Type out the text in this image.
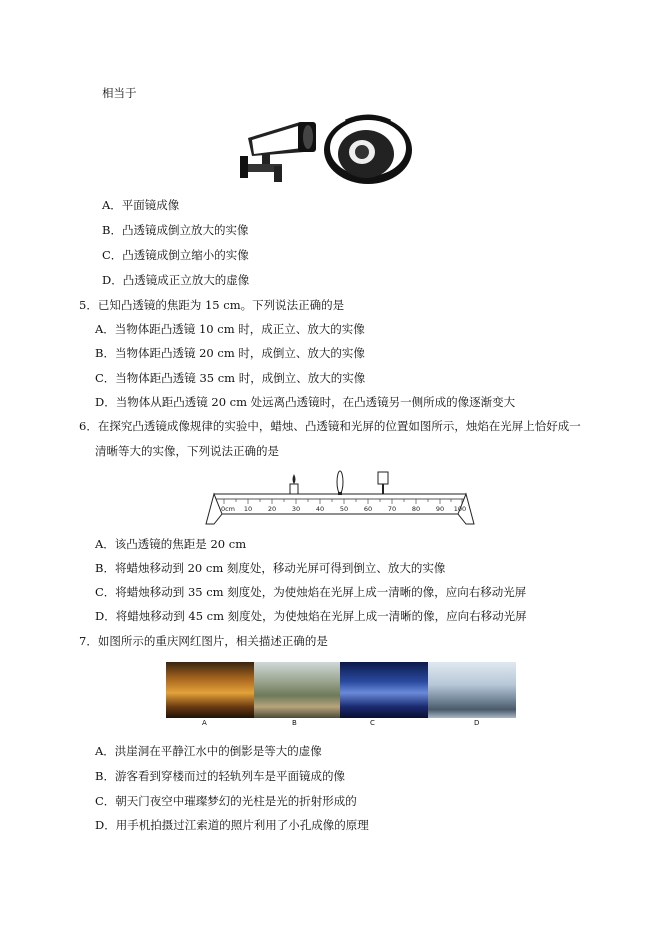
相当于
A．平面镜成像
B．凸透镜成倒立放大的实像
C．凸透镜成倒立缩小的实像
D．凸透镜成正立放大的虚像
5．已知凸透镜的焦距为 15 cm。下列说法正确的是
A．当物体距凸透镜 10 cm 时，成正立、放大的实像
B．当物体距凸透镜 20 cm 时，成倒立、放大的实像
C．当物体距凸透镜 35 cm 时，成倒立、放大的实像
D．当物体从距凸透镜 20 cm 处远离凸透镜时，在凸透镜另一侧所成的像逐渐变大
6．在探究凸透镜成像规律的实验中，蜡烛、凸透镜和光屏的位置如图所示，烛焰在光屏上恰好成一
清晰等大的实像，下列说法正确的是
0cm 10 20 30 40 50 60 70 80 90 100
A．该凸透镜的焦距是 20 cm
B．将蜡烛移动到 20 cm 刻度处，移动光屏可得到倒立、放大的实像
C．将蜡烛移动到 35 cm 刻度处，为使烛焰在光屏上成一清晰的像，应向右移动光屏
D．将蜡烛移动到 45 cm 刻度处，为使烛焰在光屏上成一清晰的像，应向右移动光屏
7．如图所示的重庆网红图片，相关描述正确的是
A	B	C	D
A．洪崖洞在平静江水中的倒影是等大的虚像
B．游客看到穿楼而过的轻轨列车是平面镜成的像
C．朝天门夜空中璀璨梦幻的光柱是光的折射形成的
D．用手机拍摄过江索道的照片利用了小孔成像的原理
